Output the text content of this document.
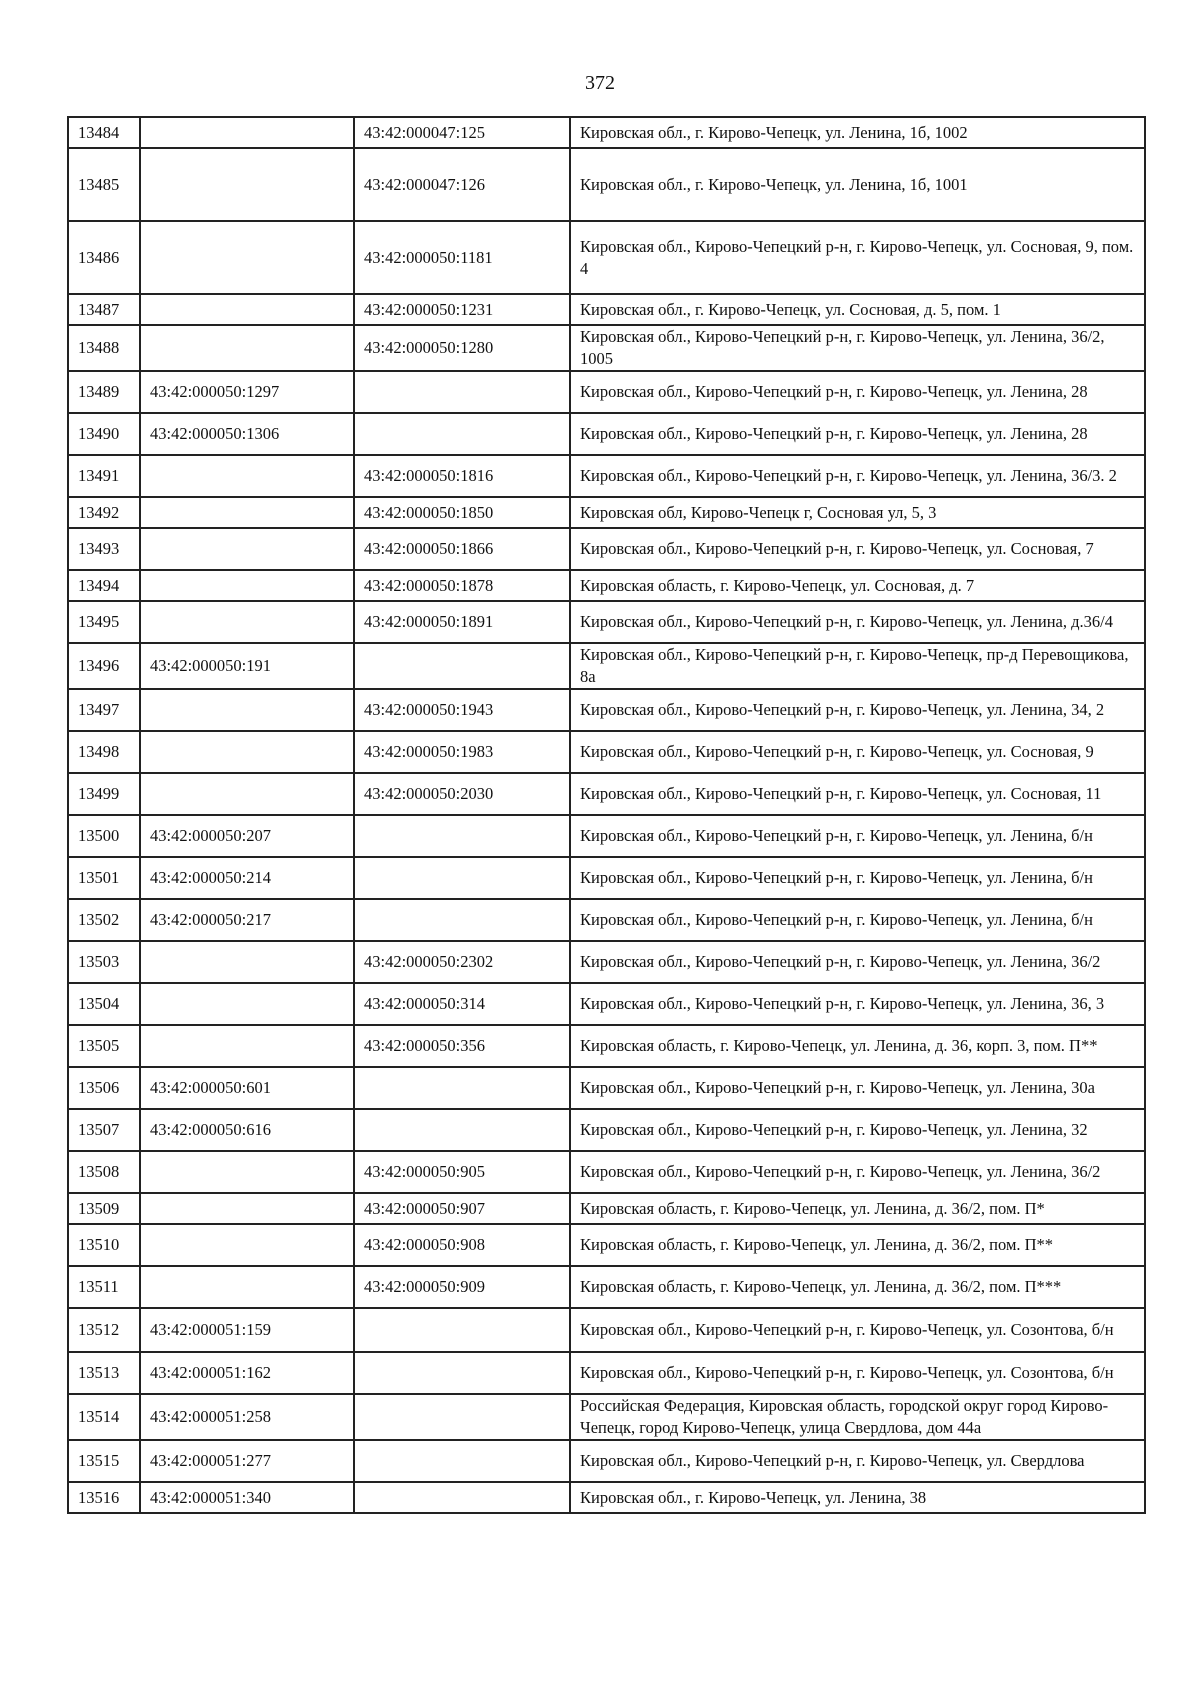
372
13484		43:42:000047:125	Кировская обл., г. Кирово-Чепецк, ул. Ленина, 1б, 1002
13485		43:42:000047:126	Кировская обл., г. Кирово-Чепецк, ул. Ленина, 1б, 1001
13486		43:42:000050:1181	Кировская обл., Кирово-Чепецкий р-н, г. Кирово-Чепецк, ул. Сосновая, 9, пом. 4
13487		43:42:000050:1231	Кировская обл., г. Кирово-Чепецк, ул. Сосновая, д. 5, пом. 1
13488		43:42:000050:1280	Кировская обл., Кирово-Чепецкий р-н, г. Кирово-Чепецк, ул. Ленина, 36/2, 1005
13489	43:42:000050:1297		Кировская обл., Кирово-Чепецкий р-н, г. Кирово-Чепецк, ул. Ленина, 28
13490	43:42:000050:1306		Кировская обл., Кирово-Чепецкий р-н, г. Кирово-Чепецк, ул. Ленина, 28
13491		43:42:000050:1816	Кировская обл., Кирово-Чепецкий р-н, г. Кирово-Чепецк, ул. Ленина, 36/3. 2
13492		43:42:000050:1850	Кировская обл, Кирово-Чепецк г, Сосновая ул, 5, 3
13493		43:42:000050:1866	Кировская обл., Кирово-Чепецкий р-н, г. Кирово-Чепецк, ул. Сосновая, 7
13494		43:42:000050:1878	Кировская область, г. Кирово-Чепецк, ул. Сосновая, д. 7
13495		43:42:000050:1891	Кировская обл., Кирово-Чепецкий р-н, г. Кирово-Чепецк, ул. Ленина, д.36/4
13496	43:42:000050:191		Кировская обл., Кирово-Чепецкий р-н, г. Кирово-Чепецк, пр-д Перевощикова, 8а
13497		43:42:000050:1943	Кировская обл., Кирово-Чепецкий р-н, г. Кирово-Чепецк, ул. Ленина, 34, 2
13498		43:42:000050:1983	Кировская обл., Кирово-Чепецкий р-н, г. Кирово-Чепецк, ул. Сосновая, 9
13499		43:42:000050:2030	Кировская обл., Кирово-Чепецкий р-н, г. Кирово-Чепецк, ул. Сосновая, 11
13500	43:42:000050:207		Кировская обл., Кирово-Чепецкий р-н, г. Кирово-Чепецк, ул. Ленина, б/н
13501	43:42:000050:214		Кировская обл., Кирово-Чепецкий р-н, г. Кирово-Чепецк, ул. Ленина, б/н
13502	43:42:000050:217		Кировская обл., Кирово-Чепецкий р-н, г. Кирово-Чепецк, ул. Ленина, б/н
13503		43:42:000050:2302	Кировская обл., Кирово-Чепецкий р-н, г. Кирово-Чепецк, ул. Ленина, 36/2
13504		43:42:000050:314	Кировская обл., Кирово-Чепецкий р-н, г. Кирово-Чепецк, ул. Ленина, 36, 3
13505		43:42:000050:356	Кировская область, г. Кирово-Чепецк, ул. Ленина, д. 36, корп. 3, пом. П**
13506	43:42:000050:601		Кировская обл., Кирово-Чепецкий р-н, г. Кирово-Чепецк, ул. Ленина, 30а
13507	43:42:000050:616		Кировская обл., Кирово-Чепецкий р-н, г. Кирово-Чепецк, ул. Ленина, 32
13508		43:42:000050:905	Кировская обл., Кирово-Чепецкий р-н, г. Кирово-Чепецк, ул. Ленина, 36/2
13509		43:42:000050:907	Кировская область, г. Кирово-Чепецк, ул. Ленина, д. 36/2, пом. П*
13510		43:42:000050:908	Кировская область, г. Кирово-Чепецк, ул. Ленина, д. 36/2, пом. П**
13511		43:42:000050:909	Кировская область, г. Кирово-Чепецк, ул. Ленина, д. 36/2, пом. П***
13512	43:42:000051:159		Кировская обл., Кирово-Чепецкий р-н, г. Кирово-Чепецк, ул. Созонтова, б/н
13513	43:42:000051:162		Кировская обл., Кирово-Чепецкий р-н, г. Кирово-Чепецк, ул. Созонтова, б/н
13514	43:42:000051:258		Российская Федерация, Кировская область, городской округ город Кирово-Чепецк, город Кирово-Чепецк, улица Свердлова, дом 44а
13515	43:42:000051:277		Кировская обл., Кирово-Чепецкий р-н, г. Кирово-Чепецк, ул. Свердлова
13516	43:42:000051:340		Кировская обл., г. Кирово-Чепецк, ул. Ленина, 38
